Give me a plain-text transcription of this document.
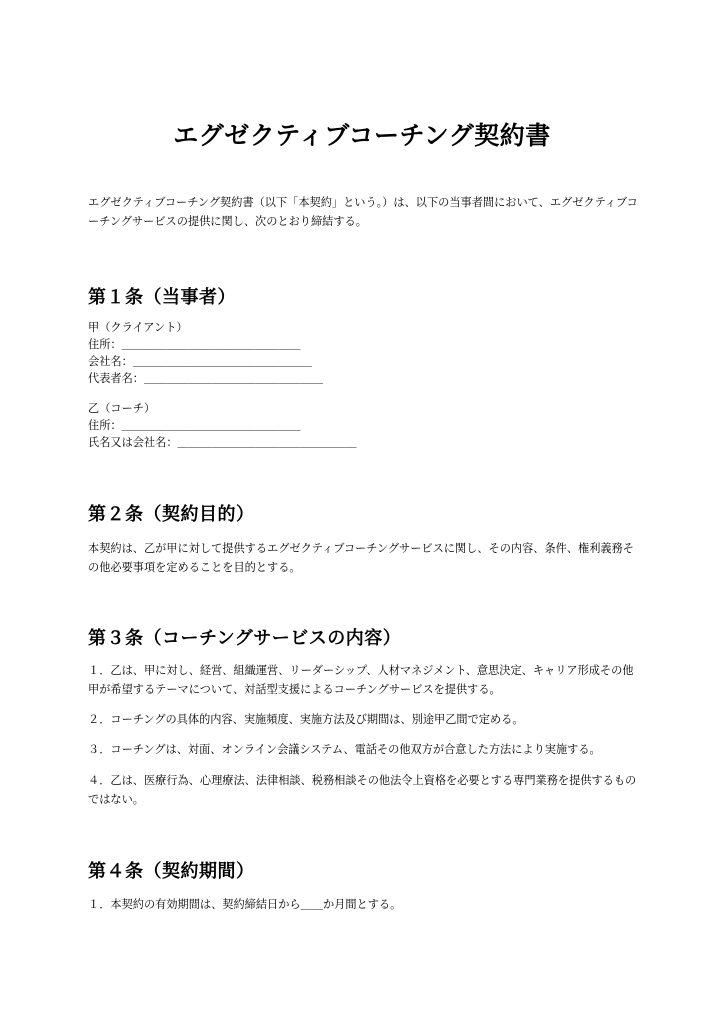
エグゼクティブコーチング契約書

エグゼクティブコーチング契約書（以下「本契約」という。）は、以下の当事者間において、エグゼクティブコーチングサービスの提供に関し、次のとおり締結する。

第１条（当事者）
甲（クライアント）
住所：＿＿＿＿＿＿＿＿＿＿＿＿＿＿＿＿
会社名：＿＿＿＿＿＿＿＿＿＿＿＿＿＿＿＿
代表者名：＿＿＿＿＿＿＿＿＿＿＿＿＿＿＿＿
乙（コーチ）
住所：＿＿＿＿＿＿＿＿＿＿＿＿＿＿＿＿
氏名又は会社名：＿＿＿＿＿＿＿＿＿＿＿＿＿＿＿＿
第２条（契約目的）

本契約は、乙が甲に対して提供するエグゼクティブコーチングサービスに関し、その内容、条件、権利義務その他必要事項を定めることを目的とする。

第３条（コーチングサービスの内容）

１．乙は、甲に対し、経営、組織運営、リーダーシップ、人材マネジメント、意思決定、キャリア形成その他甲が希望するテーマについて、対話型支援によるコーチングサービスを提供する。

２．コーチングの具体的内容、実施頻度、実施方法及び期間は、別途甲乙間で定める。

３．コーチングは、対面、オンライン会議システム、電話その他双方が合意した方法により実施する。

４．乙は、医療行為、心理療法、法律相談、税務相談その他法令上資格を必要とする専門業務を提供するものではない。

第４条（契約期間）

１．本契約の有効期間は、契約締結日から＿＿か月間とする。
